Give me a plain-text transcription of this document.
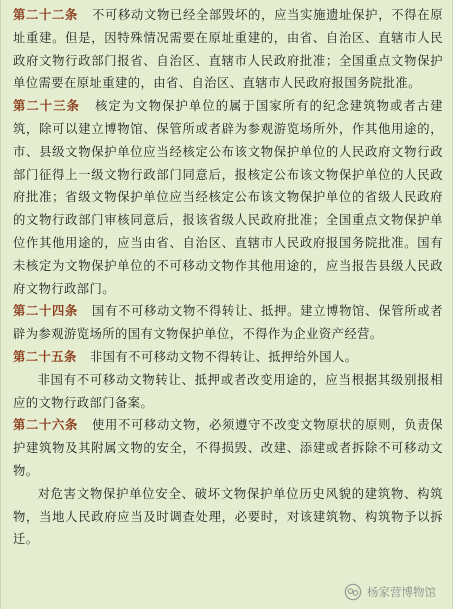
第二十二条 不可移动文物已经全部毁坏的，应当实施遗址保护，不得在原址重建。但是，因特殊情况需要在原址重建的，由省、自治区、直辖市人民政府文物行政部门报省、自治区、直辖市人民政府批准；全国重点文物保护单位需要在原址重建的，由省、自治区、直辖市人民政府报国务院批准。

第二十三条 核定为文物保护单位的属于国家所有的纪念建筑物或者古建筑，除可以建立博物馆、保管所或者辟为参观游览场所外，作其他用途的，市、县级文物保护单位应当经核定公布该文物保护单位的人民政府文物行政部门征得上一级文物行政部门同意后，报核定公布该文物保护单位的人民政府批准；省级文物保护单位应当经核定公布该文物保护单位的省级人民政府的文物行政部门审核同意后，报该省级人民政府批准；全国重点文物保护单位作其他用途的，应当由省、自治区、直辖市人民政府报国务院批准。国有未核定为文物保护单位的不可移动文物作其他用途的，应当报告县级人民政府文物行政部门。

第二十四条 国有不可移动文物不得转让、抵押。建立博物馆、保管所或者辟为参观游览场所的国有文物保护单位，不得作为企业资产经营。

第二十五条 非国有不可移动文物不得转让、抵押给外国人。

非国有不可移动文物转让、抵押或者改变用途的，应当根据其级别报相应的文物行政部门备案。

第二十六条 使用不可移动文物，必须遵守不改变文物原状的原则，负责保护建筑物及其附属文物的安全，不得损毁、改建、添建或者拆除不可移动文物。

对危害文物保护单位安全、破坏文物保护单位历史风貌的建筑物、构筑物，当地人民政府应当及时调查处理，必要时，对该建筑物、构筑物予以拆迁。

杨家营博物馆
